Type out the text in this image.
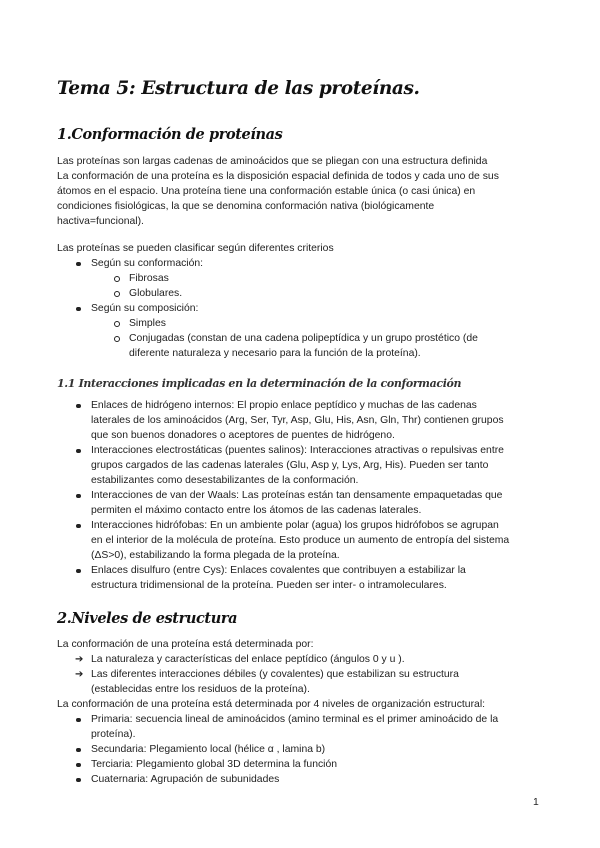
Tema 5: Estructura de las proteínas.
1.Conformación de proteínas
Las proteínas son largas cadenas de aminoácidos que se pliegan con una estructura definida
La conformación de una proteína es la disposición espacial definida de todos y cada uno de sus
átomos en el espacio. Una proteína tiene una conformación estable única (o casi única) en
condiciones fisiológicas, la que se denomina conformación nativa (biológicamente
hactiva=funcional).
Las proteínas se pueden clasificar según diferentes criterios
Según su conformación:
Fibrosas
Globulares.
Según su composición:
Simples
Conjugadas (constan de una cadena polipeptídica y un grupo prostético (de
diferente naturaleza y necesario para la función de la proteína).
1.1 Interacciones implicadas en la determinación de la conformación
Enlaces de hidrógeno internos: El propio enlace peptídico y muchas de las cadenas
laterales de los aminoácidos (Arg, Ser, Tyr, Asp, Glu, His, Asn, Gln, Thr) contienen grupos
que son buenos donadores o aceptores de puentes de hidrógeno.
Interacciones electrostáticas (puentes salinos): Interacciones atractivas o repulsivas entre
grupos cargados de las cadenas laterales (Glu, Asp y, Lys, Arg, His). Pueden ser tanto
estabilizantes como desestabilizantes de la conformación.
Interacciones de van der Waals: Las proteínas están tan densamente empaquetadas que
permiten el máximo contacto entre los átomos de las cadenas laterales.
Interacciones hidrófobas: En un ambiente polar (agua) los grupos hidrófobos se agrupan
en el interior de la molécula de proteína. Esto produce un aumento de entropía del sistema
(ΔS>0), estabilizando la forma plegada de la proteína.
Enlaces disulfuro (entre Cys): Enlaces covalentes que contribuyen a estabilizar la
estructura tridimensional de la proteína. Pueden ser inter- o intramoleculares.
2.Niveles de estructura
La conformación de una proteína está determinada por:
➔ La naturaleza y características del enlace peptídico (ángulos 0 y u ).
➔ Las diferentes interacciones débiles (y covalentes) que estabilizan su estructura
(establecidas entre los residuos de la proteína).
La conformación de una proteína está determinada por 4 niveles de organización estructural:
Primaria: secuencia lineal de aminoácidos (amino terminal es el primer aminoácido de la
proteína).
Secundaria: Plegamiento local (hélice α , lamina b)
Terciaria: Plegamiento global 3D determina la función
Cuaternaria: Agrupación de subunidades
1
